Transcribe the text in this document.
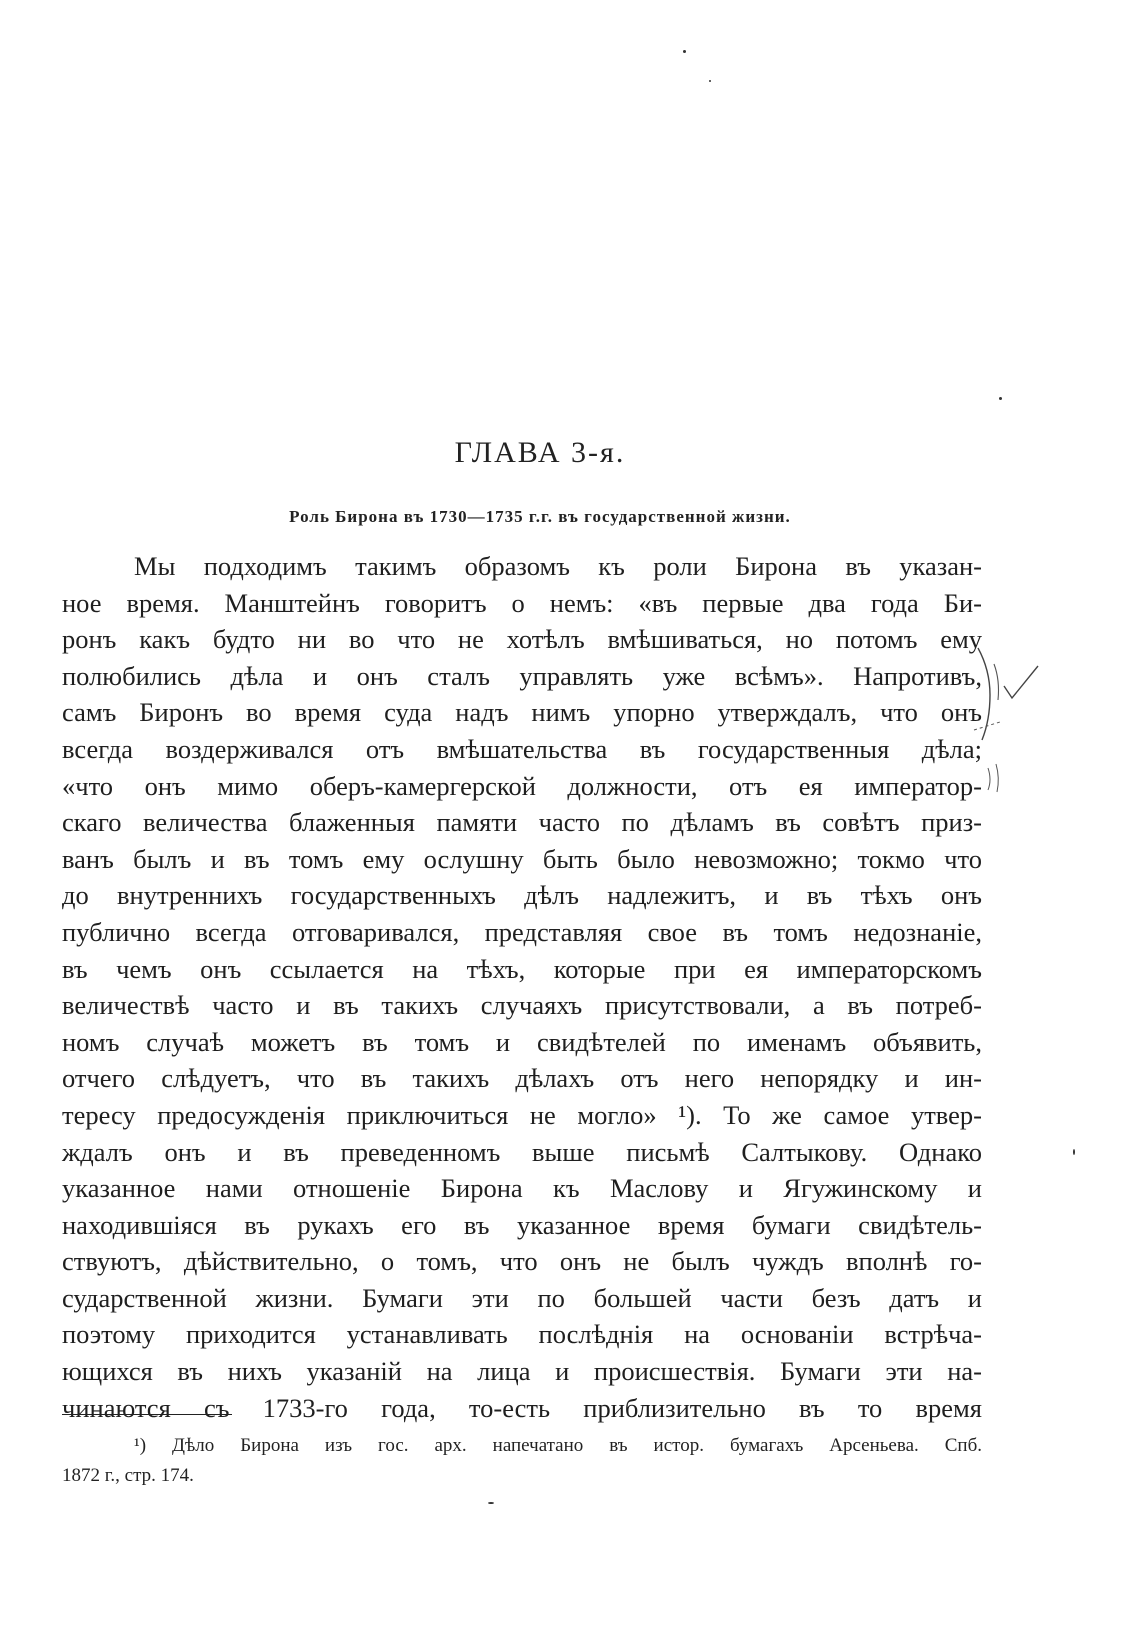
ГЛАВА 3-я.
Роль Бирона въ 1730—1735 г.г. въ государственной жизни.
Мы подходимъ такимъ образомъ къ роли Бирона въ указан-
ное время. Манштейнъ говоритъ о немъ: «въ первые два года Би-
ронъ какъ будто ни во что не хотѣлъ вмѣшиваться, но потомъ ему
полюбились дѣла и онъ сталъ управлять уже всѣмъ». Напротивъ,
самъ Биронъ во время суда надъ нимъ упорно утверждалъ, что онъ
всегда воздерживался отъ вмѣшательства въ государственныя дѣла;
«что онъ мимо оберъ-камергерской должности, отъ ея император-
скаго величества блаженныя памяти часто по дѣламъ въ совѣтъ приз-
ванъ былъ и въ томъ ему ослушну быть было невозможно; токмо что
до внутреннихъ государственныхъ дѣлъ надлежитъ, и въ тѣхъ онъ
публично всегда отговаривался, представляя свое въ томъ недознаніе,
въ чемъ онъ ссылается на тѣхъ, которые при ея императорскомъ
величествѣ часто и въ такихъ случаяхъ присутствовали, а въ потреб-
номъ случаѣ можетъ въ томъ и свидѣтелей по именамъ объявить,
отчего слѣдуетъ, что въ такихъ дѣлахъ отъ него непорядку и ин-
тересу предосужденія приключиться не могло» ¹). То же самое утвер-
ждалъ онъ и въ преведенномъ выше письмѣ Салтыкову. Однако
указанное нами отношеніе Бирона къ Маслову и Ягужинскому и
находившіяся въ рукахъ его въ указанное время бумаги свидѣтель-
ствуютъ, дѣйствительно, о томъ, что онъ не былъ чуждъ вполнѣ го-
сударственной жизни. Бумаги эти по большей части безъ датъ и
поэтому приходится устанавливать послѣднія на основаніи встрѣча-
ющихся въ нихъ указаній на лица и происшествія. Бумаги эти на-
чинаются съ 1733-го года, то-есть приблизительно въ то время
¹) Дѣло Бирона изъ гос. арх. напечатано въ истор. бумагахъ Арсеньева. Спб.
1872 г., стр. 174.
